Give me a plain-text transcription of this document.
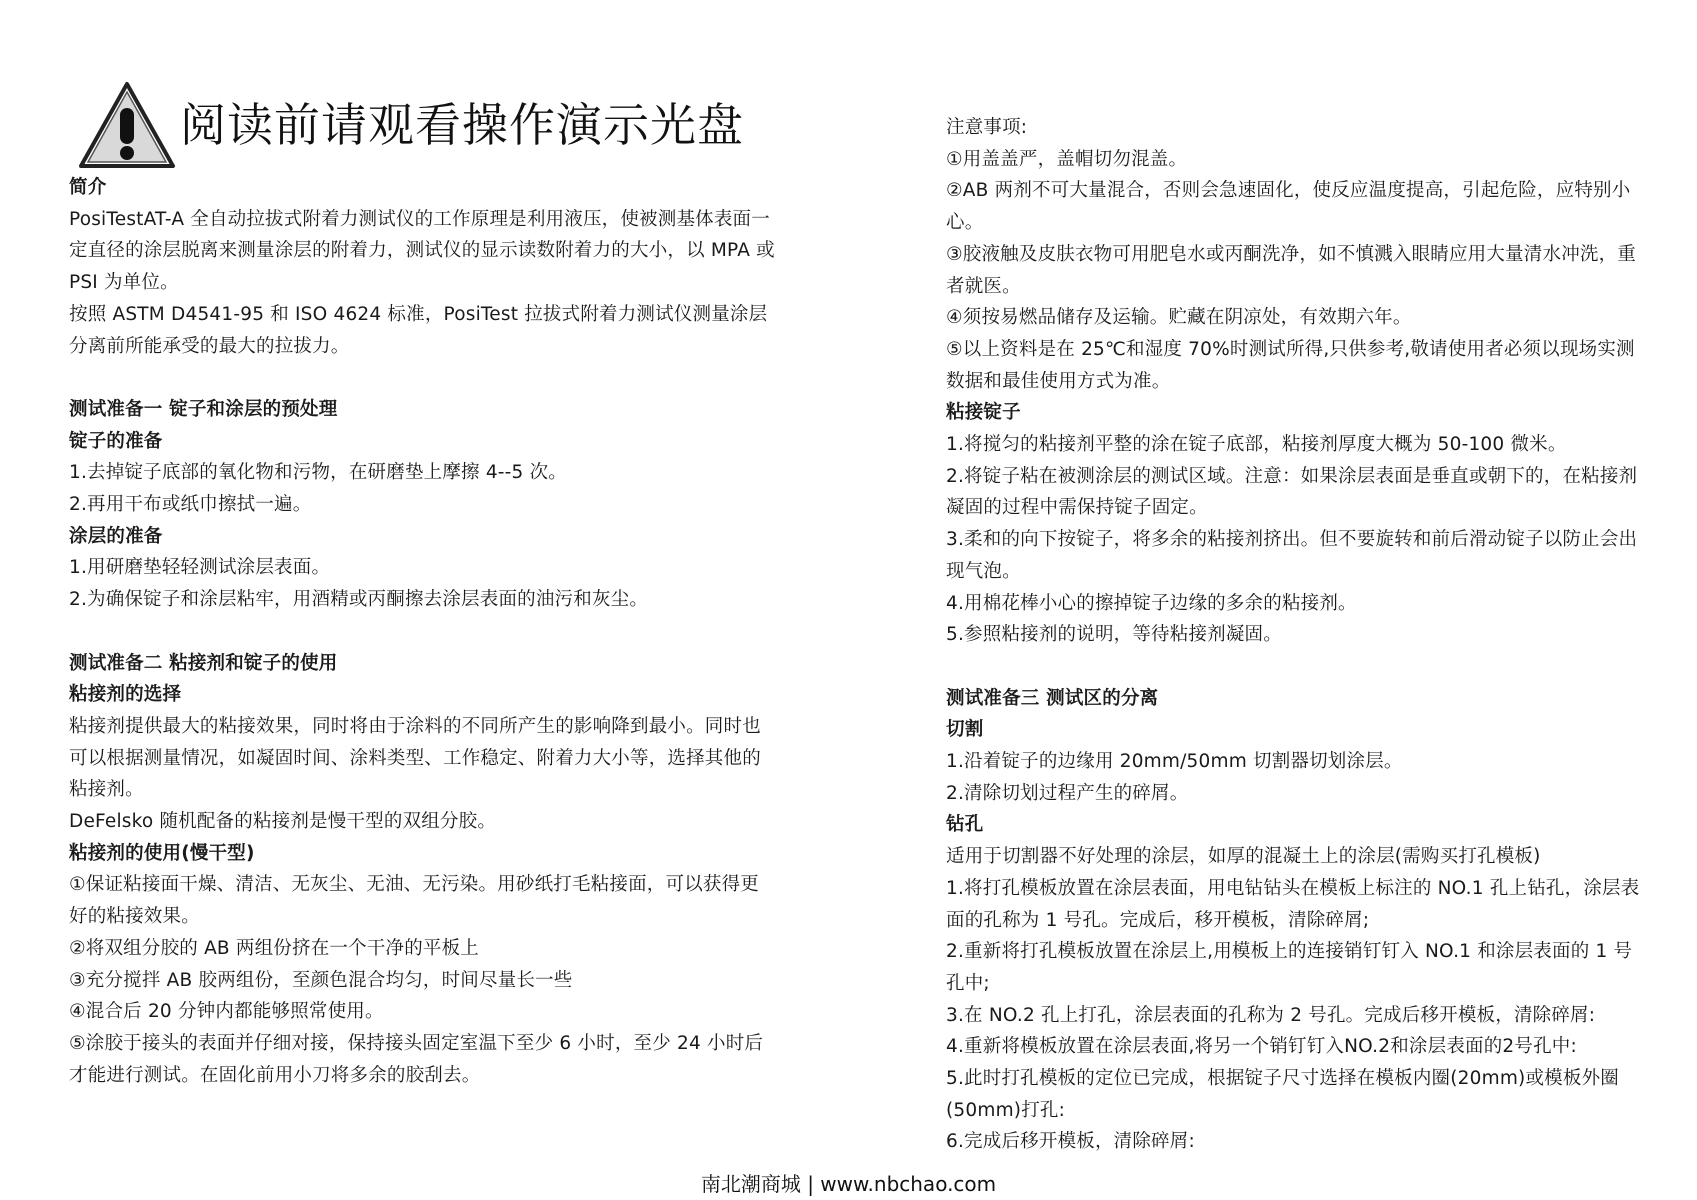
阅读前请观看操作演示光盘
简介

PosiTestAT-A 全自动拉拔式附着力测试仪的工作原理是利用液压，使被测基体表面一定直径的涂层脱离来测量涂层的附着力，测试仪的显示读数附着力的大小，以 MPA 或 PSI 为单位。

按照 ASTM D4541-95 和 ISO 4624 标准，PosiTest 拉拔式附着力测试仪测量涂层分离前所能承受的最大的拉拔力。

测试准备一 锭子和涂层的预处理
锭子的准备
1.去掉锭子底部的氧化物和污物，在研磨垫上摩擦 4--5 次。
2.再用干布或纸巾擦拭一遍。
涂层的准备
1.用研磨垫轻轻测试涂层表面。
2.为确保锭子和涂层粘牢，用酒精或丙酮擦去涂层表面的油污和灰尘。
测试准备二 粘接剂和锭子的使用
粘接剂的选择

粘接剂提供最大的粘接效果，同时将由于涂料的不同所产生的影响降到最小。同时也可以根据测量情况，如凝固时间、涂料类型、工作稳定、附着力大小等，选择其他的粘接剂。

DeFelsko 随机配备的粘接剂是慢干型的双组分胶。

粘接剂的使用(慢干型)
①保证粘接面干燥、清洁、无灰尘、无油、无污染。用砂纸打毛粘接面，可以获得更好的粘接效果。
②将双组分胶的 AB 两组份挤在一个干净的平板上
③充分搅拌 AB 胶两组份，至颜色混合均匀，时间尽量长一些
④混合后 20 分钟内都能够照常使用。
⑤涂胶于接头的表面并仔细对接，保持接头固定室温下至少 6 小时，至少 24 小时后才能进行测试。在固化前用小刀将多余的胶刮去。
注意事项:
①用盖盖严，盖帽切勿混盖。
②AB 两剂不可大量混合，否则会急速固化，使反应温度提高，引起危险，应特别小心。
③胶液触及皮肤衣物可用肥皂水或丙酮洗净，如不慎溅入眼睛应用大量清水冲洗，重者就医。
④须按易燃品储存及运输。贮藏在阴凉处，有效期六年。
⑤以上资料是在 25℃和湿度 70%时测试所得,只供参考,敬请使用者必须以现场实测数据和最佳使用方式为准。
粘接锭子
1.将搅匀的粘接剂平整的涂在锭子底部，粘接剂厚度大概为 50-100 微米。
2.将锭子粘在被测涂层的测试区域。注意：如果涂层表面是垂直或朝下的，在粘接剂凝固的过程中需保持锭子固定。
3.柔和的向下按锭子，将多余的粘接剂挤出。但不要旋转和前后滑动锭子以防止会出现气泡。
4.用棉花棒小心的擦掉锭子边缘的多余的粘接剂。
5.参照粘接剂的说明，等待粘接剂凝固。
测试准备三 测试区的分离
切割
1.沿着锭子的边缘用 20mm/50mm 切割器切划涂层。
2.清除切划过程产生的碎屑。
钻孔
适用于切割器不好处理的涂层，如厚的混凝土上的涂层(需购买打孔模板)
1.将打孔模板放置在涂层表面，用电钻钻头在模板上标注的 NO.1 孔上钻孔，涂层表面的孔称为 1 号孔。完成后，移开模板，清除碎屑;
2.重新将打孔模板放置在涂层上,用模板上的连接销钉钉入 NO.1 和涂层表面的 1 号孔中;
3.在 NO.2 孔上打孔，涂层表面的孔称为 2 号孔。完成后移开模板，清除碎屑:
4.重新将模板放置在涂层表面,将另一个销钉钉入NO.2和涂层表面的2号孔中:
5.此时打孔模板的定位已完成，根据锭子尺寸选择在模板内圈(20mm)或模板外圈(50mm)打孔:
6.完成后移开模板，清除碎屑:
南北潮商城 | www.nbchao.com
